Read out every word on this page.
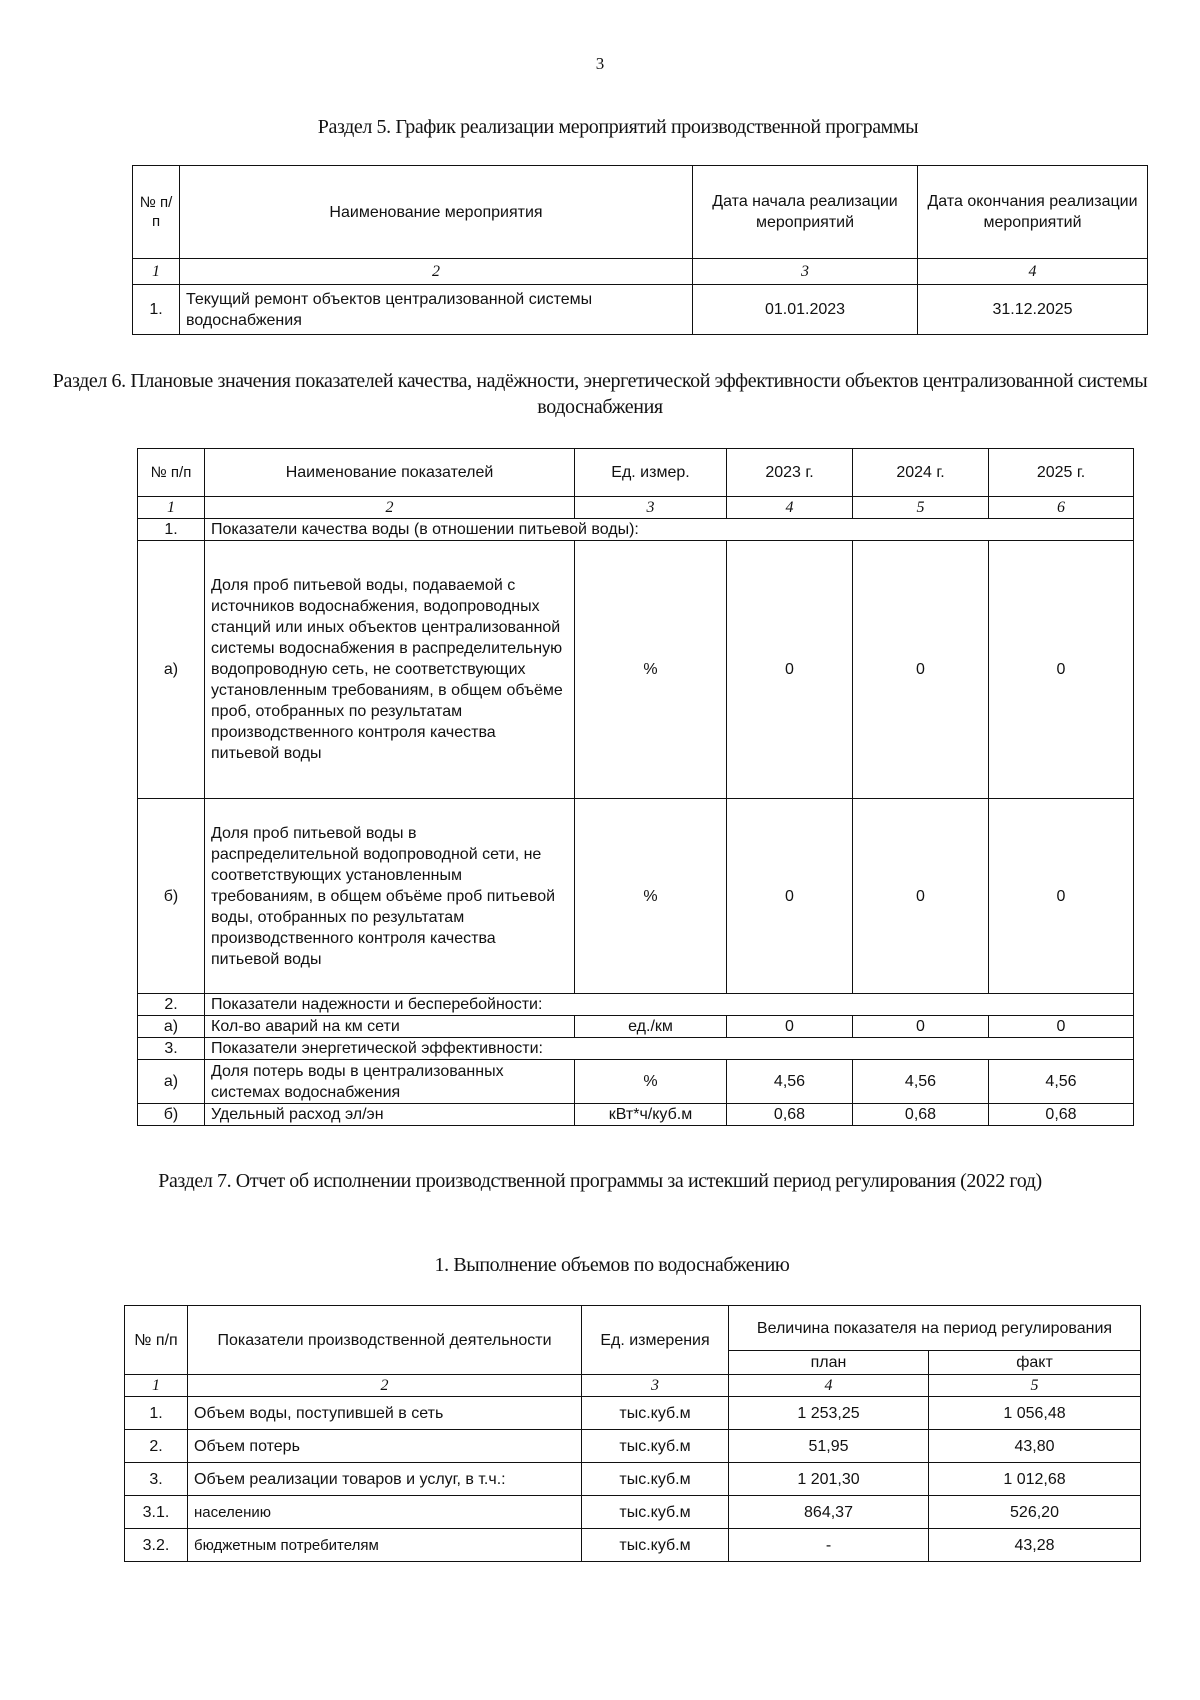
3
Раздел 5. График реализации мероприятий производственной программы
№ п/п	Наименование мероприятия	Дата начала реализации мероприятий	Дата окончания реализации мероприятий
1	2	3	4
1.	Текущий ремонт объектов централизованной системы водоснабжения	01.01.2023	31.12.2025
Раздел 6. Плановые значения показателей качества, надёжности, энергетической эффективности объектов централизованной системы водоснабжения
№ п/п	Наименование показателей	Ед. измер.	2023 г.	2024 г.	2025 г.
1	2	3	4	5	6
1.	Показатели качества воды (в отношении питьевой воды):				
а)	Доля проб питьевой воды, подаваемой с источников водоснабжения, водопроводных станций или иных объектов централизованной системы водоснабжения в распределительную водопроводную сеть, не соответствующих установленным требованиям, в общем объёме проб, отобранных по результатам производственного контроля качества питьевой воды	%	0	0	0
б)	Доля проб питьевой воды в распределительной водопроводной сети, не соответствующих установленным требованиям, в общем объёме проб питьевой воды, отобранных по результатам производственного контроля качества питьевой воды	%	0	0	0
2.	Показатели надежности и бесперебойности:				
а)	Кол-во аварий на км сети	ед./км	0	0	0
3.	Показатели энергетической эффективности:				
а)	Доля потерь воды в централизованных системах водоснабжения	%	4,56	4,56	4,56
б)	Удельный расход эл/эн	кВт*ч/куб.м	0,68	0,68	0,68
Раздел 7. Отчет об исполнении производственной программы за истекший период регулирования (2022 год)
1. Выполнение объемов по водоснабжению
№ п/п	Показатели производственной деятельности	Ед. измерения	Величина показателя на период регулирования	
			план	факт
1	2	3	4	5
1.	Объем воды, поступившей в сеть	тыс.куб.м	1 253,25	1 056,48
2.	Объем потерь	тыс.куб.м	51,95	43,80
3.	Объем реализации товаров и услуг, в т.ч.:	тыс.куб.м	1 201,30	1 012,68
3.1.	населению	тыс.куб.м	864,37	526,20
3.2.	бюджетным потребителям	тыс.куб.м	-	43,28
